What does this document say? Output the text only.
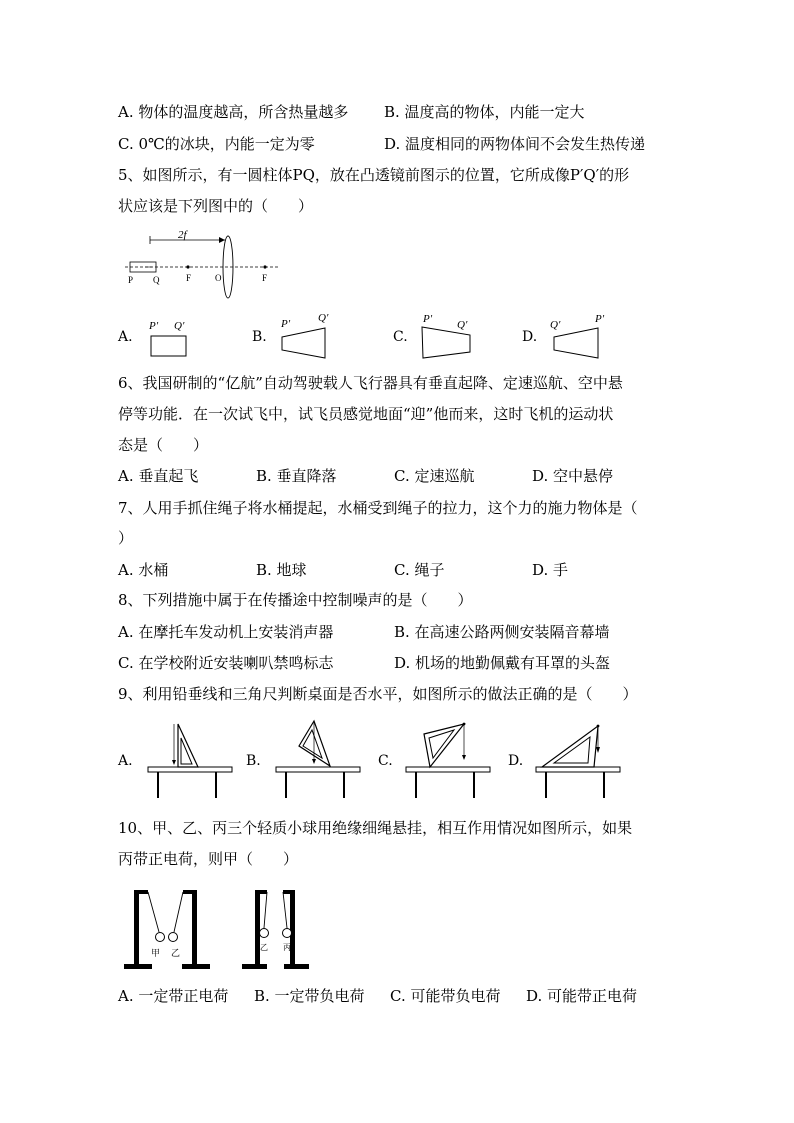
A. 物体的温度越高，所含热量越多 B. 温度高的物体，内能一定大
C. 0℃的冰块，内能一定为零	D. 温度相同的两物体间不会发生热传递
5、如图所示，有一圆柱体PQ，放在凸透镜前图示的位置，它所成像P′Q′的形
状应该是下列图中的（　　）
2f
P Q	F	O	F
A.
P′ Q′
B.
P′	Q′
C.
P′ Q′
D.
Q′	P′
6、我国研制的“亿航”自动驾驶载人飞行器具有垂直起降、定速巡航、空中悬
停等功能．在一次试飞中，试飞员感觉地面“迎”他而来，这时飞机的运动状
态是（　　）
A. 垂直起飞	B. 垂直降落	C. 定速巡航	D. 空中悬停
7、人用手抓住绳子将水桶提起，水桶受到绳子的拉力，这个力的施力物体是（
）
A. 水桶	B. 地球	C. 绳子	D. 手
8、下列措施中属于在传播途中控制噪声的是（　　）
A. 在摩托车发动机上安装消声器	B. 在高速公路两侧安装隔音幕墙
C. 在学校附近安装喇叭禁鸣标志	D. 机场的地勤佩戴有耳罩的头盔
9、利用铅垂线和三角尺判断桌面是否水平，如图所示的做法正确的是（　　）
A.	B.	C.	D.
10、甲、乙、丙三个轻质小球用绝缘细绳悬挂，相互作用情况如图所示，如果
丙带正电荷，则甲（　　）
甲 乙
乙 丙
A. 一定带正电荷 B. 一定带负电荷 C. 可能带负电荷 D. 可能带正电荷
